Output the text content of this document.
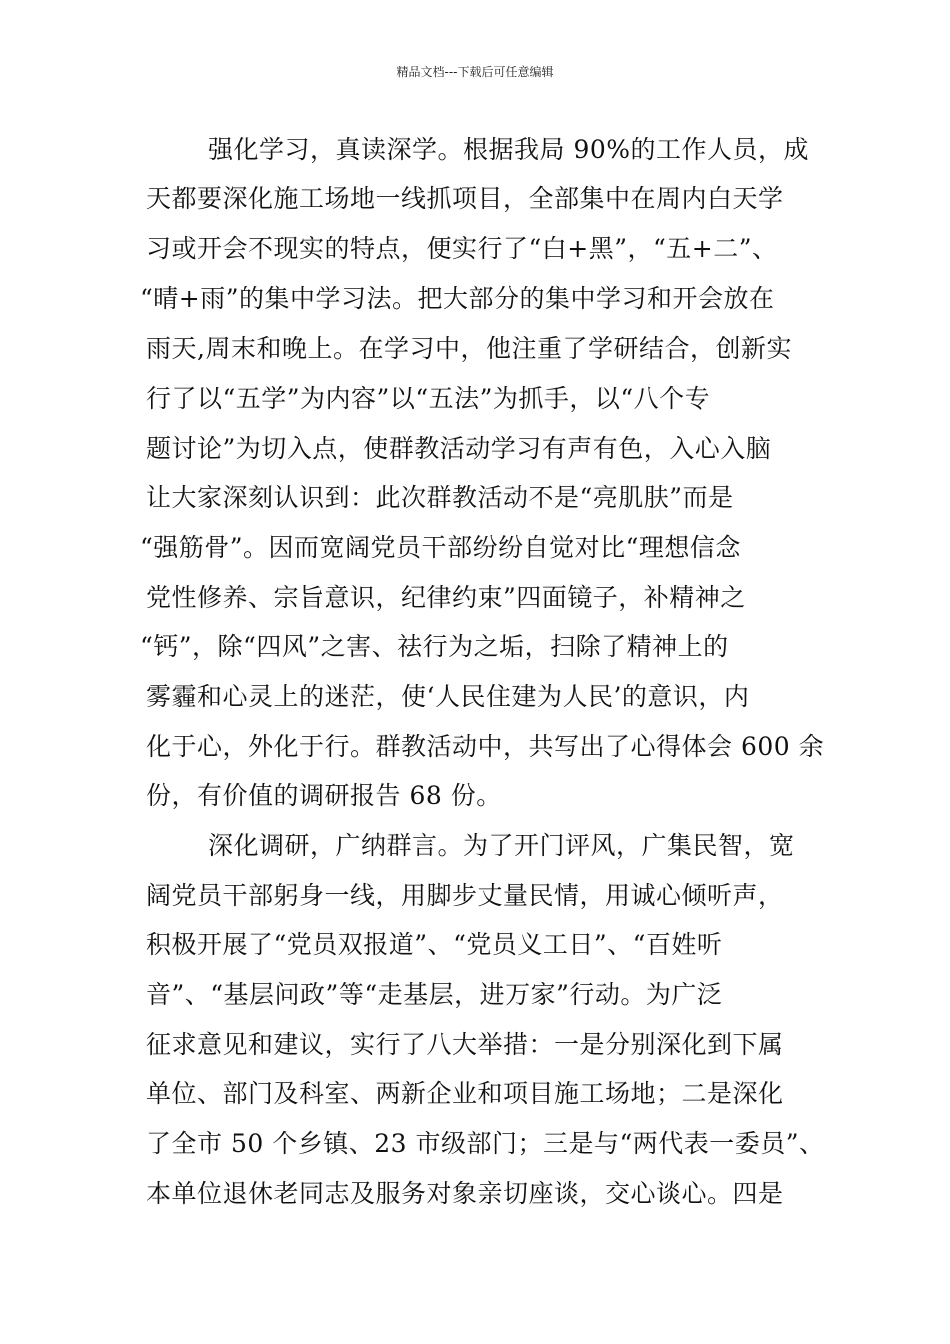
精品文档---下载后可任意编辑
强化学习，真读深学。根据我局 90%的工作人员，成
天都要深化施工场地一线抓项目，全部集中在周内白天学
习或开会不现实的特点，便实行了“白+黑”，“五+二”、
“晴+雨”的集中学习法。把大部分的集中学习和开会放在
雨天,周末和晚上。在学习中，他注重了学研结合，创新实
行了以“五学”为内容”以“五法”为抓手，以“八个专
题讨论”为切入点，使群教活动学习有声有色，入心入脑
让大家深刻认识到：此次群教活动不是“亮肌肤”而是
“强筋骨”。因而宽阔党员干部纷纷自觉对比“理想信念
党性修养、宗旨意识，纪律约束”四面镜子，补精神之
“钙”，除“四风”之害、祛行为之垢，扫除了精神上的
雾霾和心灵上的迷茫，使‘人民住建为人民’的意识，内
化于心，外化于行。群教活动中，共写出了心得体会 600 余
份，有价值的调研报告 68 份。
深化调研，广纳群言。为了开门评风，广集民智，宽
阔党员干部躬身一线，用脚步丈量民情，用诚心倾听声，
积极开展了“党员双报道”、“党员义工日”、“百姓听
音”、“基层问政”等“走基层，进万家”行动。为广泛
征求意见和建议，实行了八大举措：一是分别深化到下属
单位、部门及科室、两新企业和项目施工场地；二是深化
了全市 50 个乡镇、23 市级部门；三是与“两代表一委员”、
本单位退休老同志及服务对象亲切座谈，交心谈心。四是
